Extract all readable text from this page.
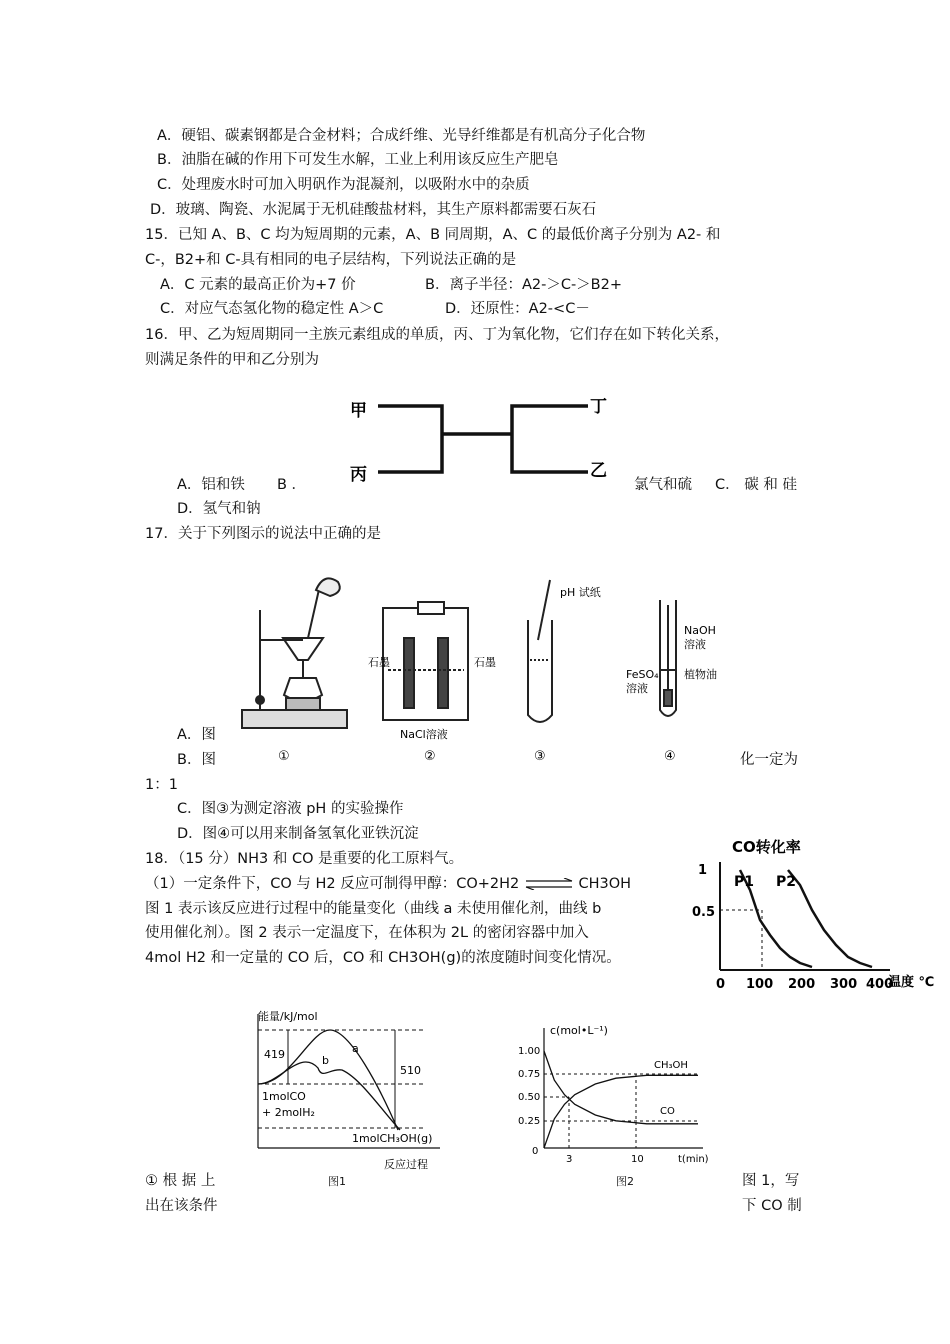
A．硬铝、碳素钢都是合金材料；合成纤维、光导纤维都是有机高分子化合物
B．油脂在碱的作用下可发生水解，工业上利用该反应生产肥皂
C．处理废水时可加入明矾作为混凝剂，以吸附水中的杂质
D．玻璃、陶瓷、水泥属于无机硅酸盐材料，其生产原料都需要石灰石
15．已知 A、B、C 均为短周期的元素，A、B 同周期，A、C 的最低价离子分别为 A2- 和
C-，B2+和 C-具有相同的电子层结构，下列说法正确的是
A．C 元素的最高正价为+7 价	B．离子半径：A2-＞C-＞B2+
C．对应气态氢化物的稳定性 A＞C	D．还原性：A2-<C－
16．甲、乙为短周期同一主族元素组成的单质，丙、丁为氧化物，它们存在如下转化关系，
则满足条件的甲和乙分别为
甲
丙
丁
乙
A．铝和铁 B ．	氯气和硫 C． 碳 和 硅
D．氢气和钠
17．关于下列图示的说法中正确的是
①
石墨	石墨
NaCl溶液
②
pH 试纸
③
NaOH
溶液
FeSO₄
溶液
植物油
④
A．图
B．图	化一定为
1：1
C．图③为测定溶液 pH 的实验操作
D．图④可以用来制备氢氧化亚铁沉淀
18．（15 分）NH3 和 CO 是重要的化工原料气。
（1）一定条件下，CO 与 H2 反应可制得甲醇：CO+2H2 ⇌ CH3OH
图 1 表示该反应进行过程中的能量变化（曲线 a 未使用催化剂，曲线 b
使用催化剂）。图 2 表示一定温度下，在体积为 2L 的密闭容器中加入
4mol H2 和一定量的 CO 后，CO 和 CH3OH(g)的浓度随时间变化情况。
CO转化率
1
0.5
0 100 200 300 400
温度 ℃
P1 P2
能量/kJ/mol
反应过程
419
510
a
b
1molCO
+ 2molH₂
1molCH₃OH(g)
图1
c(mol•L⁻¹)
t(min)
1.00
0.75
0.50
0.25
0
3	10
CH₃OH
CO
图2
① 根 据 上
出在该条件
图 1，写
下 CO 制
